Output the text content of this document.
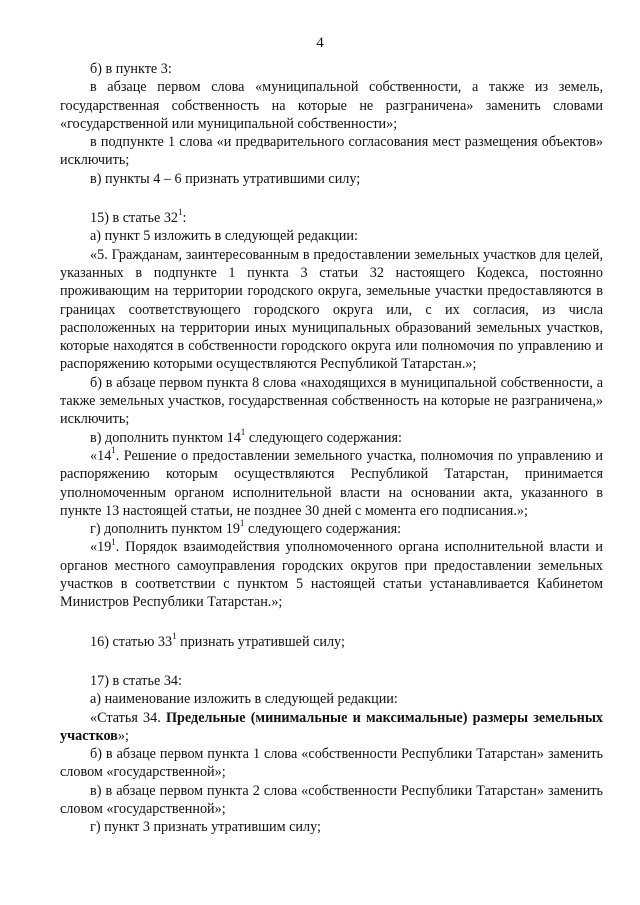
4

б) в пункте 3:

в абзаце первом слова «муниципальной собственности, а также из земель, государственная собственность на которые не разграничена» заменить словами «государственной или муниципальной собственности»;

в подпункте 1 слова «и предварительного согласования мест размещения объектов» исключить;

в) пункты 4 – 6 признать утратившими силу;

15) в статье $32^1$:

а) пункт 5 изложить в следующей редакции:

«5. Гражданам, заинтересованным в предоставлении земельных участков для целей, указанных в подпункте 1 пункта 3 статьи 32 настоящего Кодекса, постоянно проживающим на территории городского округа, земельные участки предоставляются в границах соответствующего городского округа или, с их согласия, из числа расположенных на территории иных муниципальных образований земельных участков, которые находятся в собственности городского округа или полномочия по управлению и распоряжению которыми осуществляются Республикой Татарстан.»;

б) в абзаце первом пункта 8 слова «находящихся в муниципальной собственности, а также земельных участков, государственная собственность на которые не разграничена,» исключить;

в) дополнить пунктом $14^1$ следующего содержания:

«$14^1$. Решение о предоставлении земельного участка, полномочия по управлению и распоряжению которым осуществляются Республикой Татарстан, принимается уполномоченным органом исполнительной власти на основании акта, указанного в пункте 13 настоящей статьи, не позднее 30 дней с момента его подписания.»;

г) дополнить пунктом $19^1$ следующего содержания:

«$19^1$. Порядок взаимодействия уполномоченного органа исполнительной власти и органов местного самоуправления городских округов при предоставлении земельных участков в соответствии с пунктом 5 настоящей статьи устанавливается Кабинетом Министров Республики Татарстан.»;

16) статью $33^1$ признать утратившей силу;

17) в статье 34:

а) наименование изложить в следующей редакции:

«Статья 34. Предельные (минимальные и максимальные) размеры земельных участков»;

б) в абзаце первом пункта 1 слова «собственности Республики Татарстан» заменить словом «государственной»;

в) в абзаце первом пункта 2 слова «собственности Республики Татарстан» заменить словом «государственной»;

г) пункт 3 признать утратившим силу;
